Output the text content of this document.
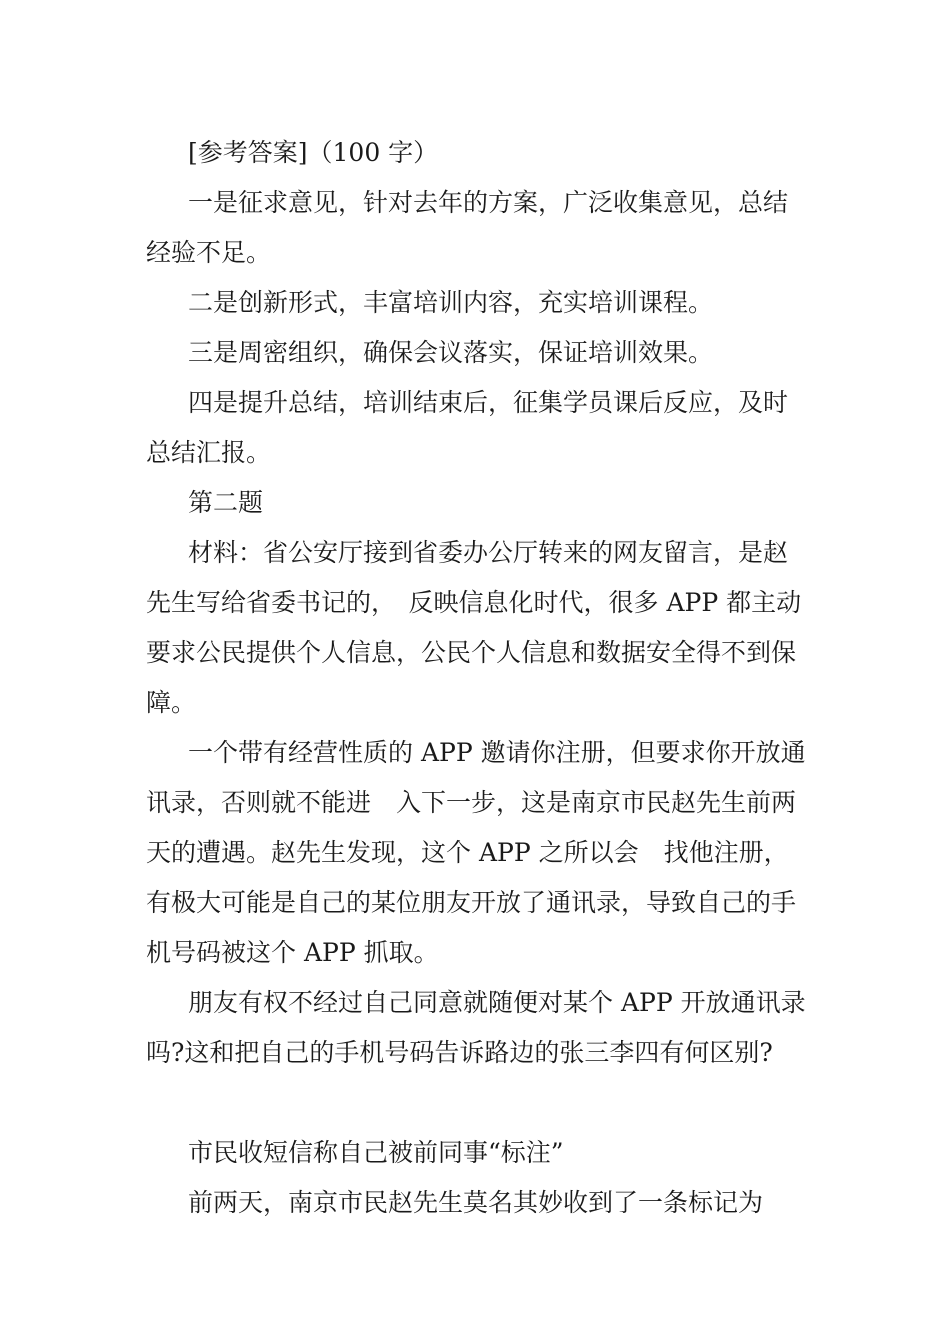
[参考答案]（100 字）

一是征求意见，针对去年的方案，广泛收集意见，总结经验不足。

二是创新形式，丰富培训内容，充实培训课程。

三是周密组织，确保会议落实，保证培训效果。

四是提升总结，培训结束后，征集学员课后反应，及时总结汇报。

第二题

材料：省公安厅接到省委办公厅转来的网友留言，是赵先生写给省委书记的，　反映信息化时代，很多 APP 都主动要求公民提供个人信息，公民个人信息和数据安全得不到保障。

一个带有经营性质的 APP 邀请你注册，但要求你开放通讯录，否则就不能进　入下一步，这是南京市民赵先生前两天的遭遇。赵先生发现，这个 APP 之所以会　找他注册，有极大可能是自己的某位朋友开放了通讯录，导致自己的手机号码被这个 APP 抓取。

朋友有权不经过自己同意就随便对某个 APP 开放通讯录吗?这和把自己的手机号码告诉路边的张三李四有何区别?

市民收短信称自己被前同事“标注”

前两天，南京市民赵先生莫名其妙收到了一条标记为
